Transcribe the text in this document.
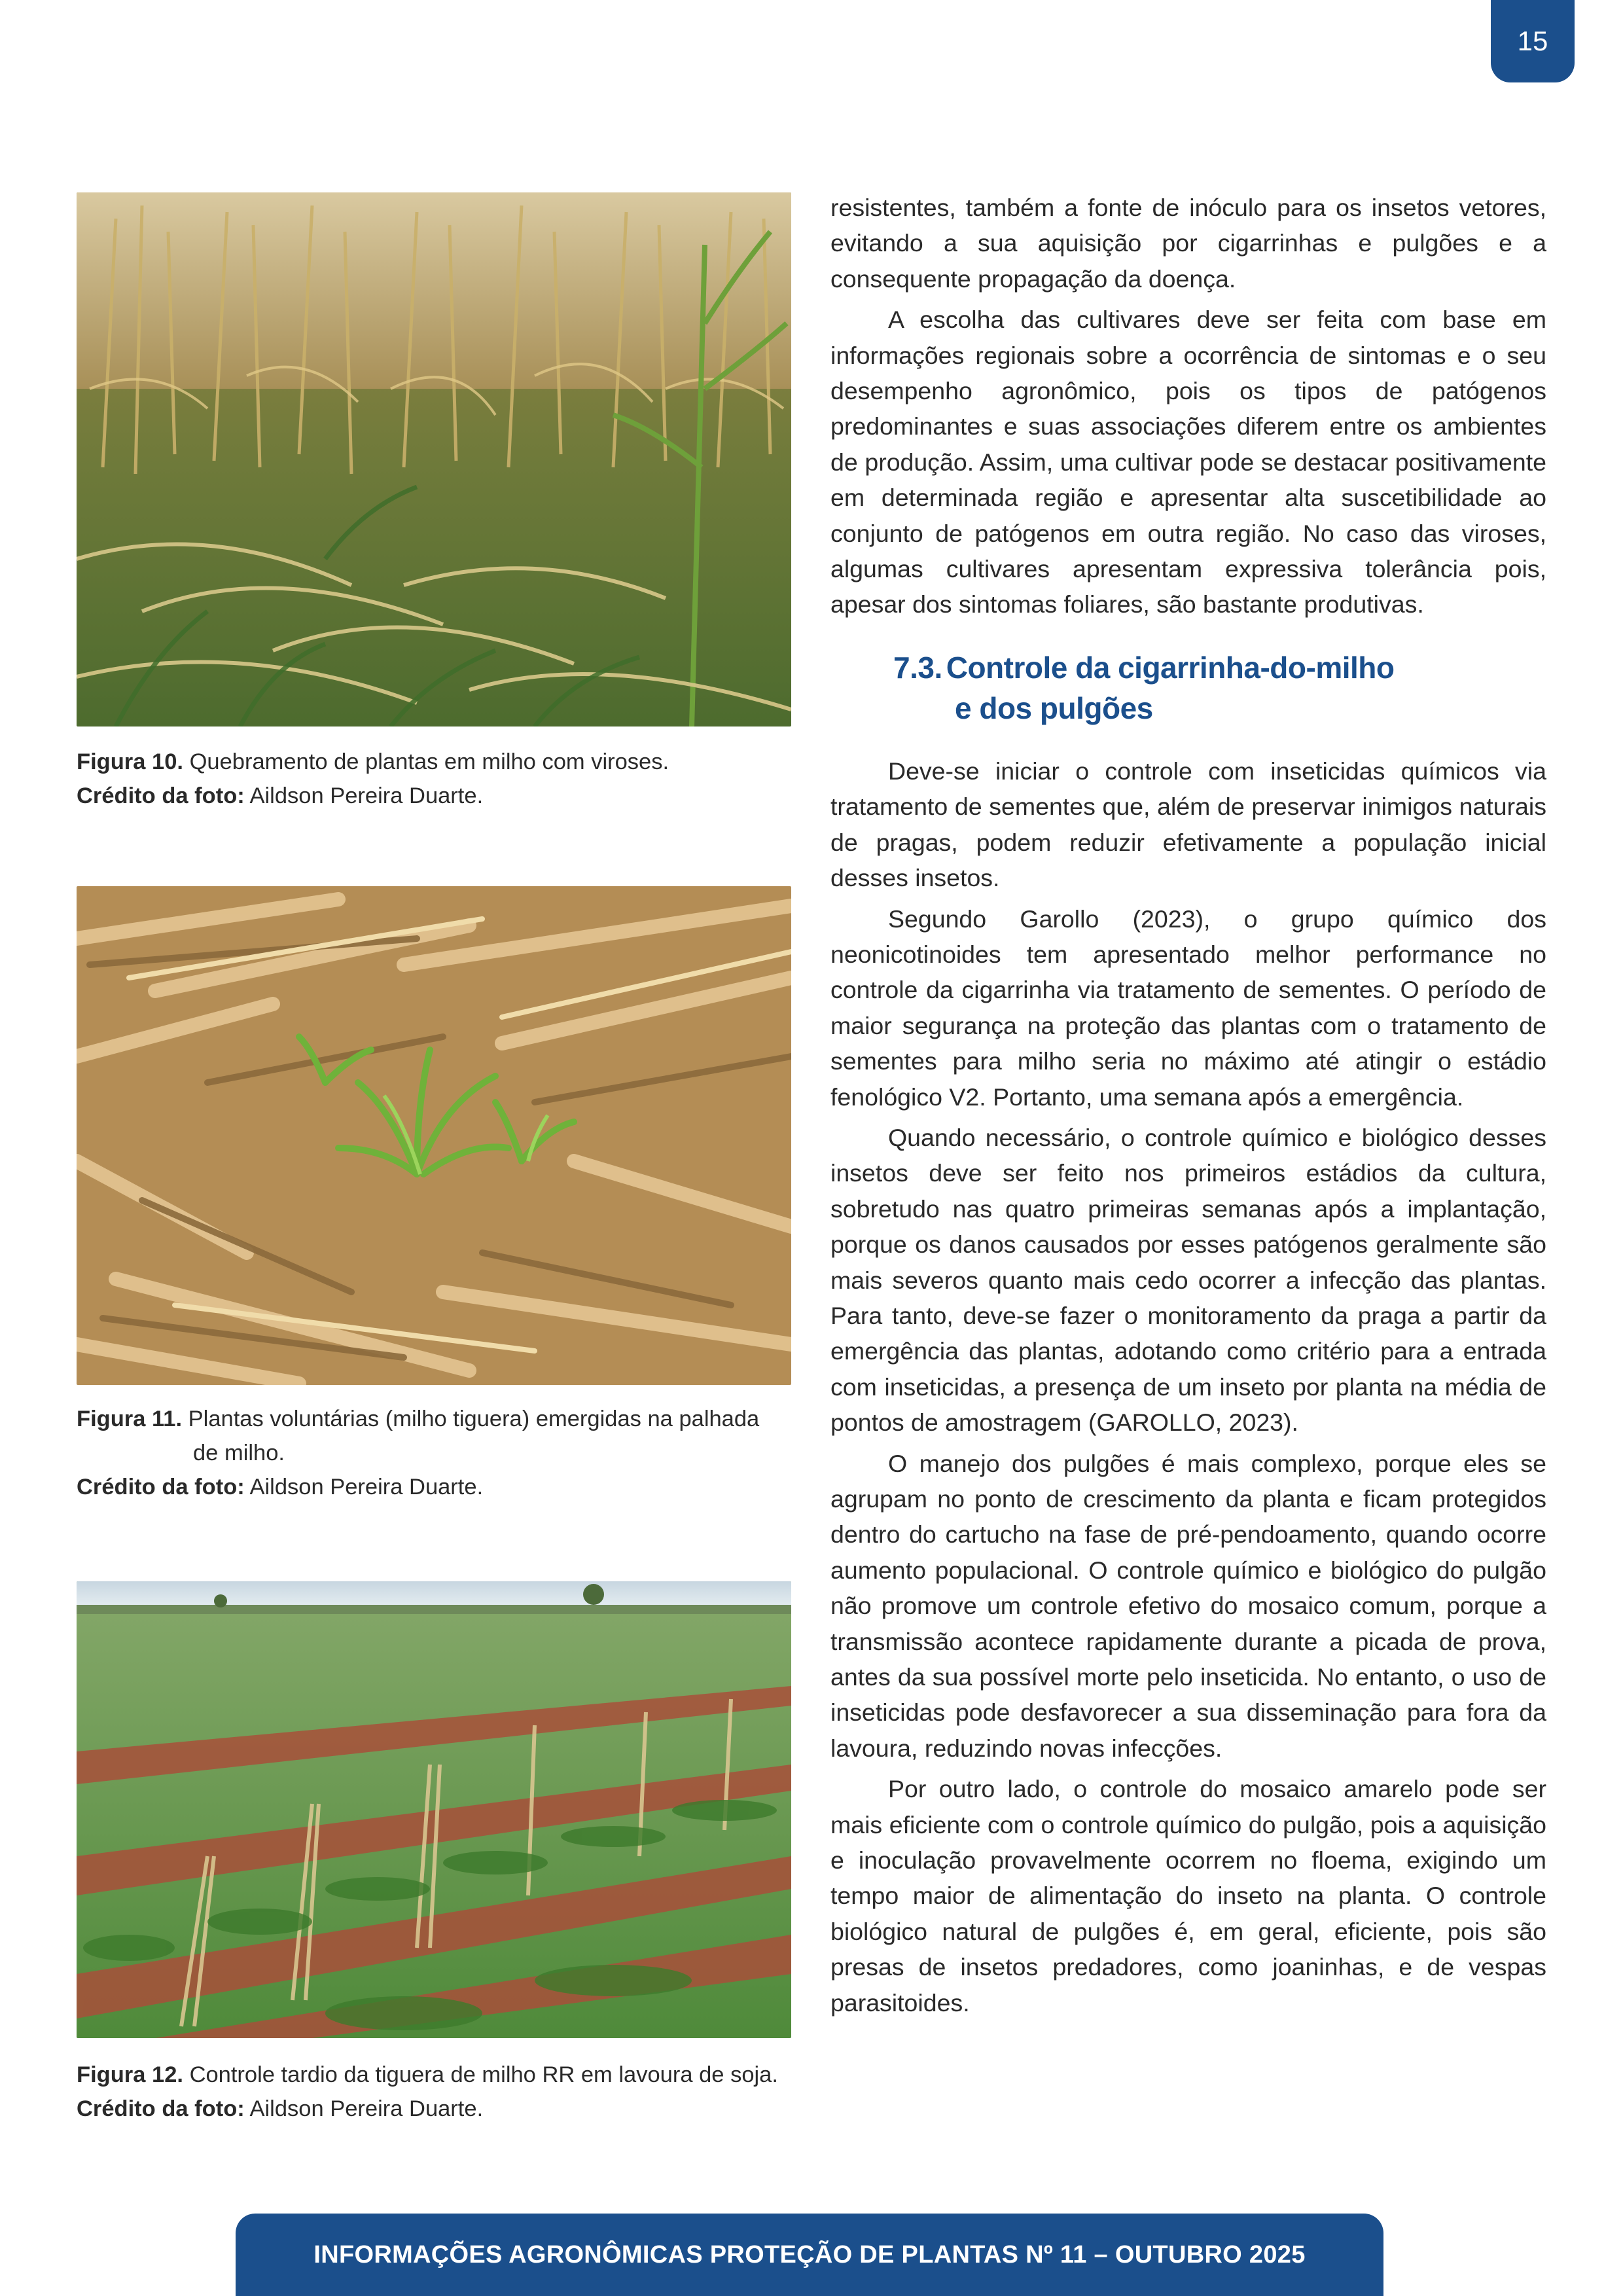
15
Figura 10. Quebramento de plantas em milho com viroses.
Crédito da foto: Aildson Pereira Duarte.
Figura 11. Plantas voluntárias (milho tiguera) emergidas na palhada
de milho.
Crédito da foto: Aildson Pereira Duarte.
Figura 12. Controle tardio da tiguera de milho RR em lavoura de soja.
Crédito da foto: Aildson Pereira Duarte.

resistentes, também a fonte de inóculo para os insetos vetores, evitando a sua aquisição por cigarrinhas e pulgões e a consequente propagação da doença.

A escolha das cultivares deve ser feita com base em informações regionais sobre a ocorrência de sintomas e o seu desempenho agronômico, pois os tipos de patógenos predominantes e suas associações diferem entre os ambientes de produção. Assim, uma cultivar pode se destacar positivamente em determinada região e apresentar alta suscetibilidade ao conjunto de patógenos em outra região. No caso das viroses, algumas cultivares apresentam expressiva tolerância pois, apesar dos sintomas foliares, são bastante produtivas.

7.3. Controle da cigarrinha-do-milho
e dos pulgões

Deve-se iniciar o controle com inseticidas químicos via tratamento de sementes que, além de preservar inimigos naturais de pragas, podem reduzir efetivamente a população inicial desses insetos.

Segundo Garollo (2023), o grupo químico dos neonicotinoides tem apresentado melhor performance no controle da cigarrinha via tratamento de sementes. O período de maior segurança na proteção das plantas com o tratamento de sementes para milho seria no máximo até atingir o estádio fenológico V2. Portanto, uma semana após a emergência.

Quando necessário, o controle químico e biológico desses insetos deve ser feito nos primeiros estádios da cultura, sobretudo nas quatro primeiras semanas após a implantação, porque os danos causados por esses patógenos geralmente são mais severos quanto mais cedo ocorrer a infecção das plantas. Para tanto, deve-se fazer o monitoramento da praga a partir da emergência das plantas, adotando como critério para a entrada com inseticidas, a presença de um inseto por planta na média de pontos de amostragem (GAROLLO, 2023).

O manejo dos pulgões é mais complexo, porque eles se agrupam no ponto de crescimento da planta e ficam protegidos dentro do cartucho na fase de pré-pendoamento, quando ocorre aumento populacional. O controle químico e biológico do pulgão não promove um controle efetivo do mosaico comum, porque a transmissão acontece rapidamente durante a picada de prova, antes da sua possível morte pelo inseticida. No entanto, o uso de inseticidas pode desfavorecer a sua disseminação para fora da lavoura, reduzindo novas infecções.

Por outro lado, o controle do mosaico amarelo pode ser mais eficiente com o controle químico do pulgão, pois a aquisição e inoculação provavelmente ocorrem no floema, exigindo um tempo maior de alimentação do inseto na planta. O controle biológico natural de pulgões é, em geral, eficiente, pois são presas de insetos predadores, como joaninhas, e de vespas parasitoides.

INFORMAÇÕES AGRONÔMICAS PROTEÇÃO DE PLANTAS Nº 11 – OUTUBRO 2025
